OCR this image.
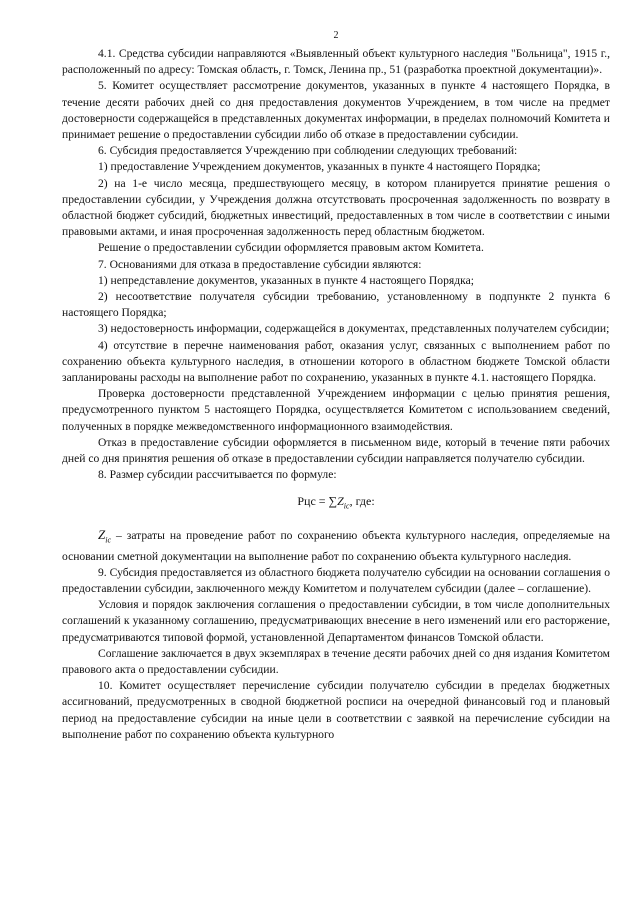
2

4.1. Средства субсидии направляются «Выявленный объект культурного наследия "Больница", 1915 г., расположенный по адресу: Томская область, г. Томск, Ленина пр., 51 (разработка проектной документации)».

5. Комитет осуществляет рассмотрение документов, указанных в пункте 4 настоящего Порядка, в течение десяти рабочих дней со дня предоставления документов Учреждением, в том числе на предмет достоверности содержащейся в представленных документах информации, в пределах полномочий Комитета и принимает решение о предоставлении субсидии либо об отказе в предоставлении субсидии.

6. Субсидия предоставляется Учреждению при соблюдении следующих требований:

1) предоставление Учреждением документов, указанных в пункте 4 настоящего Порядка;

2) на 1-е число месяца, предшествующего месяцу, в котором планируется принятие решения о предоставлении субсидии, у Учреждения должна отсутствовать просроченная задолженность по возврату в областной бюджет субсидий, бюджетных инвестиций, предоставленных в том числе в соответствии с иными правовыми актами, и иная просроченная задолженность перед областным бюджетом.

Решение о предоставлении субсидии оформляется правовым актом Комитета.

7. Основаниями для отказа в предоставление субсидии являются:

1) непредставление документов, указанных в пункте 4 настоящего Порядка;

2) несоответствие получателя субсидии требованию, установленному в подпункте 2 пункта 6 настоящего Порядка;

3) недостоверность информации, содержащейся в документах, представленных получателем субсидии;

4) отсутствие в перечне наименования работ, оказания услуг, связанных с выполнением работ по сохранению объекта культурного наследия, в отношении которого в областном бюджете Томской области запланированы расходы на выполнение работ по сохранению, указанных в пункте 4.1. настоящего Порядка.

Проверка достоверности представленной Учреждением информации с целью принятия решения, предусмотренного пунктом 5 настоящего Порядка, осуществляется Комитетом с использованием сведений, полученных в порядке межведомственного информационного взаимодействия.

Отказ в предоставление субсидии оформляется в письменном виде, который в течение пяти рабочих дней со дня принятия решения об отказе в предоставлении субсидии направляется получателю субсидии.

8. Размер субсидии рассчитывается по формуле:

Рцс = $\sum Z_{ic}$, где:

$Z_{ic}$ – затраты на проведение работ по сохранению объекта культурного наследия, определяемые на основании сметной документации на выполнение работ по сохранению объекта культурного наследия.

9. Субсидия предоставляется из областного бюджета получателю субсидии на основании соглашения о предоставлении субсидии, заключенного между Комитетом и получателем субсидии (далее – соглашение).

Условия и порядок заключения соглашения о предоставлении субсидии, в том числе дополнительных соглашений к указанному соглашению, предусматривающих внесение в него изменений или его расторжение, предусматриваются типовой формой, установленной Департаментом финансов Томской области.

Соглашение заключается в двух экземплярах в течение десяти рабочих дней со дня издания Комитетом правового акта о предоставлении субсидии.

10. Комитет осуществляет перечисление субсидии получателю субсидии в пределах бюджетных ассигнований, предусмотренных в сводной бюджетной росписи на очередной финансовый год и плановый период на предоставление субсидии на иные цели в соответствии с заявкой на перечисление субсидии на выполнение работ по сохранению объекта культурного
